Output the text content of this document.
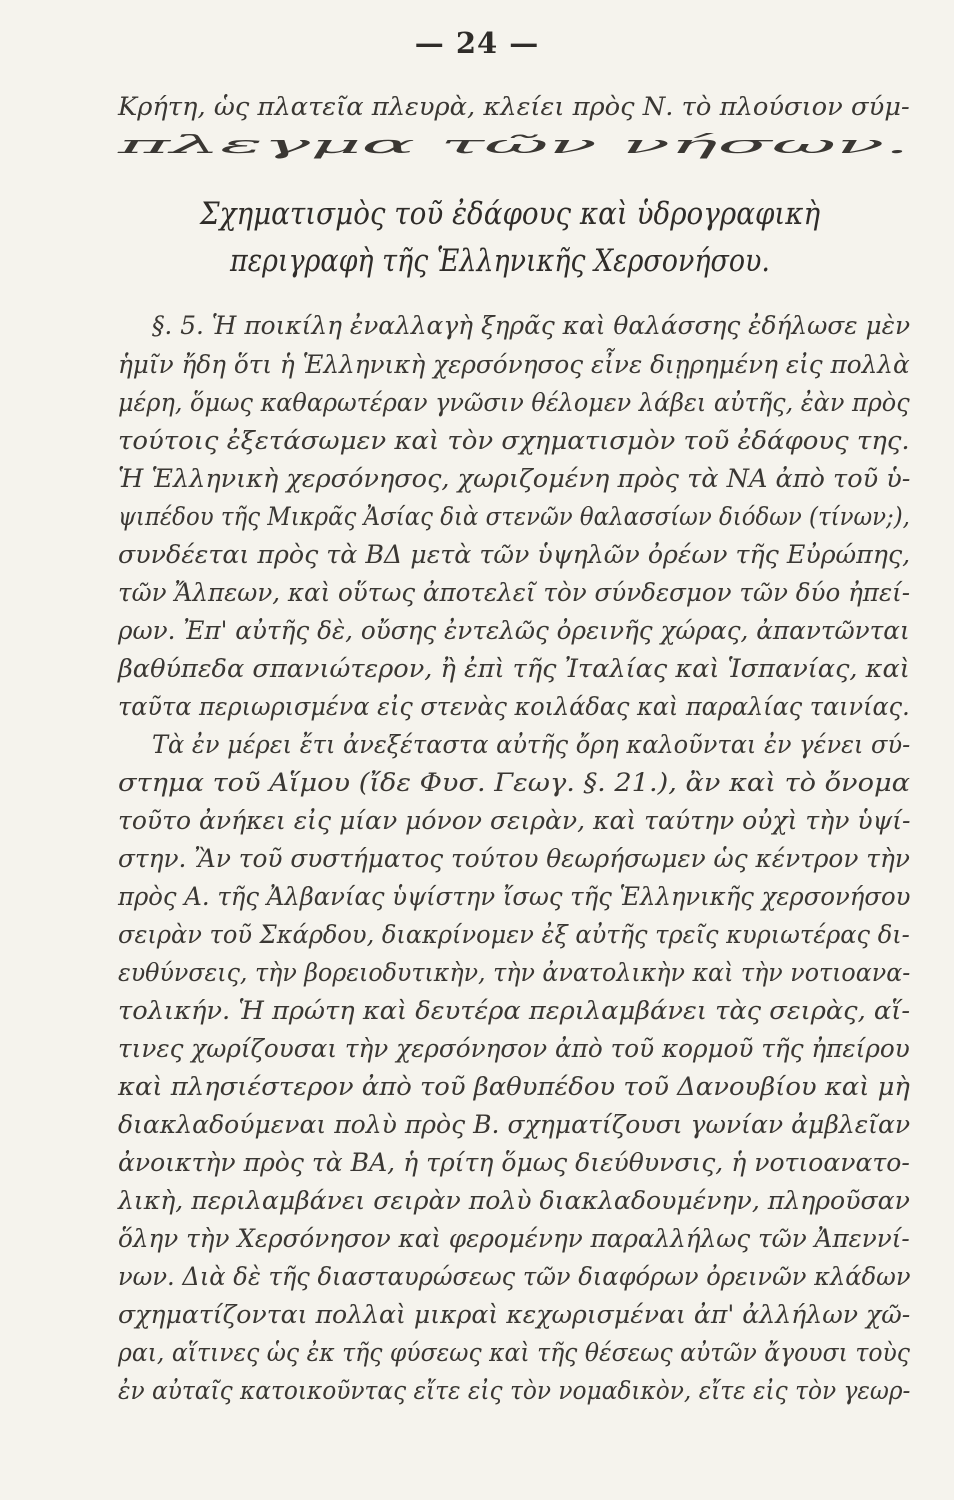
— 24 —
Κρήτη, ὡς πλατεῖα πλευρὰ, κλείει πρὸς Ν. τὸ πλούσιον σύμ-
πλεγμα τῶν νήσων.
Σχηματισμὸς τοῦ ἐδάφους καὶ ὑδρογραφικὴ
περιγραφὴ τῆς Ἑλληνικῆς Χερσονήσου.
§. 5. Ἡ ποικίλη ἐναλλαγὴ ξηρᾶς καὶ θαλάσσης ἐδήλωσε μὲν
ἡμῖν ἤδη ὅτι ἡ Ἑλληνικὴ χερσόνησος εἶνε διῃρημένη εἰς πολλὰ
μέρη, ὅμως καθαρωτέραν γνῶσιν θέλομεν λάβει αὐτῆς, ἐὰν πρὸς
τούτοις ἐξετάσωμεν καὶ τὸν σχηματισμὸν τοῦ ἐδάφους της.
Ἡ Ἑλληνικὴ χερσόνησος, χωριζομένη πρὸς τὰ ΝΑ ἀπὸ τοῦ ὑ-
ψιπέδου τῆς Μικρᾶς Ἀσίας διὰ στενῶν θαλασσίων διόδων (τίνων;),
συνδέεται πρὸς τὰ ΒΔ μετὰ τῶν ὑψηλῶν ὀρέων τῆς Εὐρώπης,
τῶν Ἄλπεων, καὶ οὕτως ἀποτελεῖ τὸν σύνδεσμον τῶν δύο ἠπεί-
ρων. Ἐπ' αὐτῆς δὲ, οὔσης ἐντελῶς ὀρεινῆς χώρας, ἀπαντῶνται
βαθύπεδα σπανιώτερον, ἢ ἐπὶ τῆς Ἰταλίας καὶ Ἱσπανίας, καὶ
ταῦτα περιωρισμένα εἰς στενὰς κοιλάδας καὶ παραλίας ταινίας.
Τὰ ἐν μέρει ἔτι ἀνεξέταστα αὐτῆς ὄρη καλοῦνται ἐν γένει σύ-
στημα τοῦ Αἵμου (ἴδε Φυσ. Γεωγ. §. 21.), ἂν καὶ τὸ ὄνομα
τοῦτο ἀνήκει εἰς μίαν μόνον σειρὰν, καὶ ταύτην οὐχὶ τὴν ὑψί-
στην. Ἂν τοῦ συστήματος τούτου θεωρήσωμεν ὡς κέντρον τὴν
πρὸς Α. τῆς Ἀλβανίας ὑψίστην ἴσως τῆς Ἑλληνικῆς χερσονήσου
σειρὰν τοῦ Σκάρδου, διακρίνομεν ἐξ αὐτῆς τρεῖς κυριωτέρας δι-
ευθύνσεις, τὴν βορειοδυτικὴν, τὴν ἀνατολικὴν καὶ τὴν νοτιοανα-
τολικήν. Ἡ πρώτη καὶ δευτέρα περιλαμβάνει τὰς σειρὰς, αἵ-
τινες χωρίζουσαι τὴν χερσόνησον ἀπὸ τοῦ κορμοῦ τῆς ἠπείρου
καὶ πλησιέστερον ἀπὸ τοῦ βαθυπέδου τοῦ Δανουβίου καὶ μὴ
διακλαδούμεναι πολὺ πρὸς Β. σχηματίζουσι γωνίαν ἀμβλεῖαν
ἀνοικτὴν πρὸς τὰ ΒΑ, ἡ τρίτη ὅμως διεύθυνσις, ἡ νοτιοανατο-
λικὴ, περιλαμβάνει σειρὰν πολὺ διακλαδουμένην, πληροῦσαν
ὅλην τὴν Χερσόνησον καὶ φερομένην παραλλήλως τῶν Ἀπεννί-
νων. Διὰ δὲ τῆς διασταυρώσεως τῶν διαφόρων ὀρεινῶν κλάδων
σχηματίζονται πολλαὶ μικραὶ κεχωρισμέναι ἀπ' ἀλλήλων χῶ-
ραι, αἵτινες ὡς ἐκ τῆς φύσεως καὶ τῆς θέσεως αὐτῶν ἄγουσι τοὺς
ἐν αὐταῖς κατοικοῦντας εἴτε εἰς τὸν νομαδικὸν, εἴτε εἰς τὸν γεωρ-
